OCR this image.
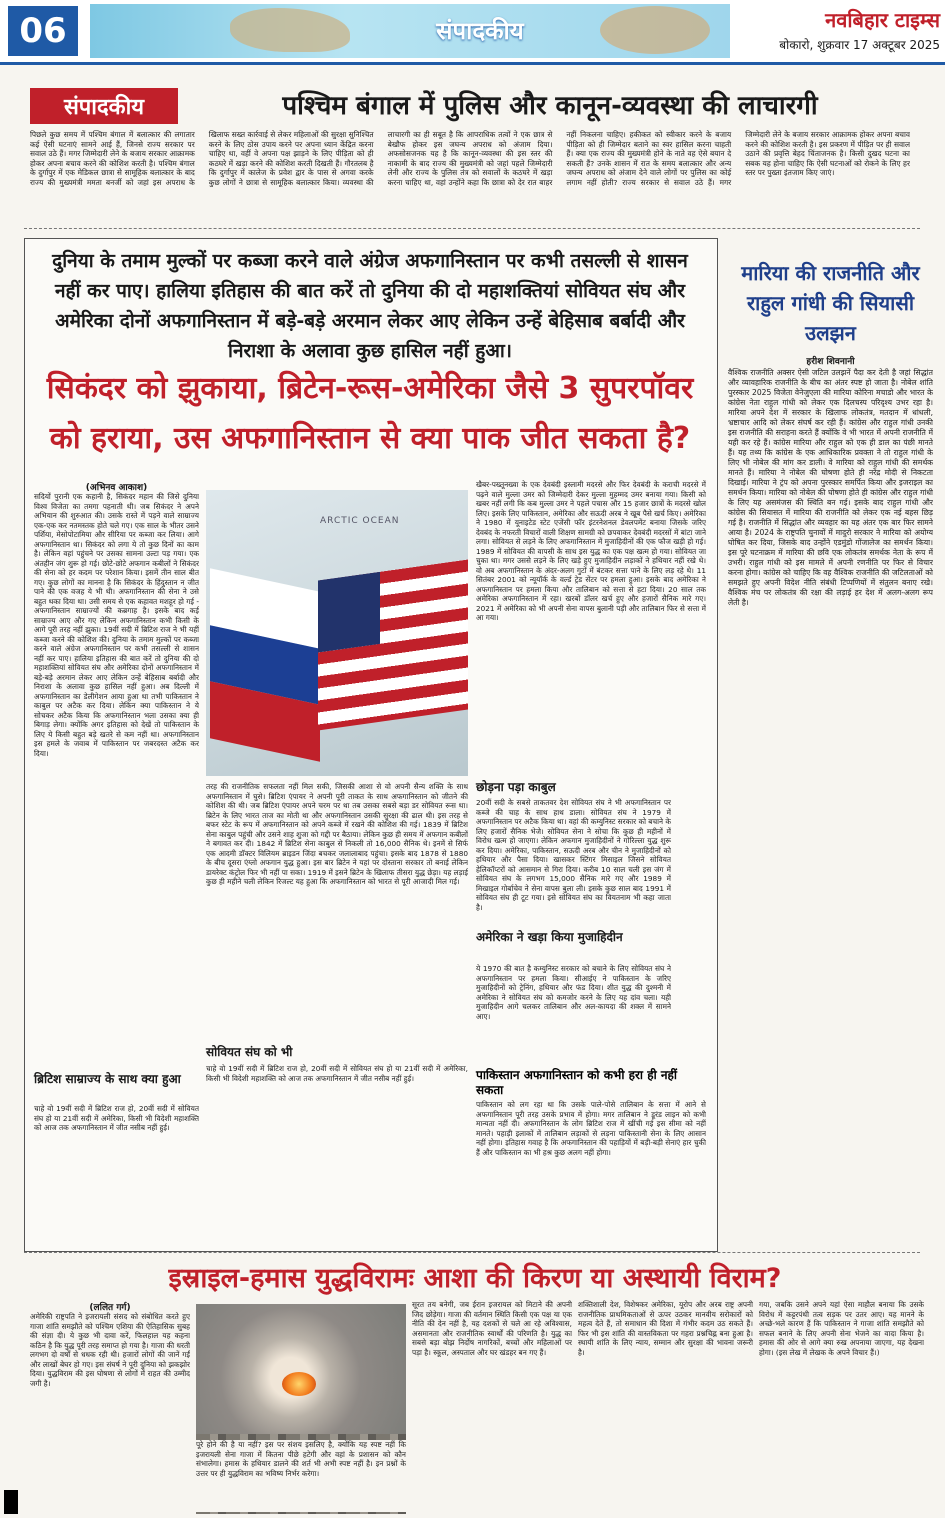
06	संपादकीय	नवबिहार टाइम्स
बोकारो, शुक्रवार 17 अक्टूबर 2025
संपादकीय	पश्चिम बंगाल में पुलिस और कानून-व्यवस्था की लाचारगी
पिछले कुछ समय में पश्चिम बंगाल में बलात्कार की लगातार कई ऐसी घटनाएं सामने आई हैं, जिनसे राज्य सरकार पर सवाल उठे हैं। मगर जिम्मेदारी लेने के बजाय सरकार आक्रामक होकर अपना बचाव करने की कोशिश करती है। पश्चिम बंगाल के दुर्गापुर में एक मेडिकल छात्रा से सामूहिक बलात्कार के बाद राज्य की मुख्यमंत्री ममता बनर्जी को जहां इस अपराध के खिलाफ सख्त कार्रवाई से लेकर महिलाओं की सुरक्षा सुनिश्चित करने के लिए ठोस उपाय करने पर अपना ध्यान केंद्रित करना चाहिए था, वहीं वे अपना पक्ष झाड़ने के लिए पीड़िता को ही कठघरे में खड़ा करने की कोशिश करती दिखती हैं। गौरतलब है कि दुर्गापुर में कालेज के प्रवेश द्वार के पास से अगवा करके कुछ लोगों ने छात्रा से सामूहिक बलात्कार किया। व्यवस्था की लाचारगी का ही सबूत है कि आपराधिक तत्वों ने एक छात्र से बेखौफ होकर इस जघन्य अपराध को अंजाम दिया। अफसोसजनक यह है कि कानून-व्यवस्था की इस स्तर की नाकामी के बाद राज्य की मुख्यमंत्री को जहां पहले जिम्मेदारी लेनी और राज्य के पुलिस तंत्र को सवालों के कठघरे में खड़ा करना चाहिए था, वहां उन्होंने कहा कि छात्रा को देर रात बाहर नहीं निकलना चाहिए। हकीकत को स्वीकार करने के बजाय पीड़िता को ही जिम्मेदार बताने का स्वर हासिल करना चाहती हैं। क्या एक राज्य की मुख्यमंत्री होने के नाते वह ऐसे बयान दे सकती हैं? उनके शासन में रात के समय बलात्कार और अन्य जघन्य अपराध को अंजाम देने वाले लोगों पर पुलिस का कोई लगाम नहीं होती? राज्य सरकार से सवाल उठे हैं। मगर जिम्मेदारी लेने के बजाय सरकार आक्रामक होकर अपना बचाव करने की कोशिश करती है। इस प्रकरण में पीड़ित पर ही सवाल उठाने की प्रवृत्ति बेहद चिंताजनक है। किसी दुखद घटना का सबक यह होना चाहिए कि ऐसी घटनाओं को रोकने के लिए हर स्तर पर पुख्ता इंतजाम किए जाएं।
दुनिया के तमाम मुल्कों पर कब्जा करने वाले अंग्रेज अफगानिस्तान पर कभी तसल्ली से शासन नहीं कर पाए। हालिया इतिहास की बात करें तो दुनिया की दो महाशक्तियां सोवियत संघ और अमेरिका दोनों अफगानिस्तान में बड़े-बड़े अरमान लेकर आए लेकिन उन्हें बेहिसाब बर्बादी और निराशा के अलावा कुछ हासिल नहीं हुआ।
सिकंदर को झुकाया, ब्रिटेन-रूस-अमेरिका जैसे 3 सुपरपॉवर को हराया, उस अफगानिस्तान से क्या पाक जीत सकता है?
(अभिनव आकाश)
सदियों पुरानी एक कहानी है, सिकंदर महान की जिसे दुनिया विश्व विजेता का तमगा पहनाती थी। जब सिकंदर ने अपने अभियान की शुरुआत की। उसके रास्ते में पड़ने वाले साम्राज्य एक-एक कर नतमस्तक होते चले गए। एक साल के भीतर उसने पर्शिया, मेसोपोटामिया और सीरिया पर कब्जा कर लिया। आगे अफगानिस्तान था। सिकंदर को लगा ये तो कुछ दिनों का काम है। लेकिन वहां पहुंचने पर उसका सामना उल्टा पड़ गया। एक अंतहीन जंग शुरू हो गई। छोटे-छोटे अफगान कबीलों ने सिकंदर की सेना को हर कदम पर परेशान किया। इसमें तीन साल बीत गए। कुछ लोगों का मानना है कि सिकंदर के हिंदुस्तान न जीत पाने की एक वजह ये भी थी। अफगानिस्तान की सेना ने उसे बहुत थका दिया था। उसी समय से एक कहावत मशहूर हो गई - अफगानिस्तान साम्राज्यों की कब्रगाह है। इसके बाद कई साम्राज्य आए और गए लेकिन अफगानिस्तान कभी किसी के आगे पूरी तरह नहीं झुका। 19वीं सदी में ब्रिटिश राज ने भी यहीं कब्जा करने की कोशिश की। दुनिया के तमाम मुल्कों पर कब्जा करने वाले अंग्रेज अफगानिस्तान पर कभी तसल्ली से शासन नहीं कर पाए। हालिया इतिहास की बात करें तो दुनिया की दो महाशक्तियां सोवियत संघ और अमेरिका दोनों अफगानिस्तान में बड़े-बड़े अरमान लेकर आए लेकिन उन्हें बेहिसाब बर्बादी और निराशा के अलावा कुछ हासिल नहीं हुआ। अब दिल्ली में अफगानिस्तान का डेलीगेशन आया हुआ था तभी पाकिस्तान ने काबुल पर अटैक कर दिया। लेकिन क्या पाकिस्तान ने ये सोचकर अटैक किया कि अफगानिस्तान भला उसका क्या ही बिगाड़ लेगा। क्योंकि अगर इतिहास को देखें तो पाकिस्तान के लिए ये किसी बहुत बड़े खतरे से कम नहीं था। अफगानिस्तान इस हमले के जवाब में पाकिस्तान पर जबरदस्त अटैक कर दिया।
ब्रिटिश साम्राज्य के साथ क्या हुआ
चाहे वो 19वीं सदी में ब्रिटिश राज हो, 20वीं सदी में सोवियत संघ हो या 21वीं सदी में अमेरिका, किसी भी विदेशी महाशक्ति को आज तक अफगानिस्तान में जीत नसीब नहीं हुई।
ARCTIC OCEAN
तरह की राजनीतिक सफलता नहीं मिल सकी, जिसकी आशा से वो अपनी सैन्य शक्ति के साथ अफगानिस्तान में घुसे। ब्रिटिश एंपायर ने अपनी पूरी ताकत के साथ अफगानिस्तान को जीतने की कोशिश की थी। जब ब्रिटिश एंपायर अपने चरम पर था तब उसका सबसे बड़ा डर सोवियत रूस था। ब्रिटेन के लिए भारत ताज का मोती था और अफगानिस्तान उसकी सुरक्षा की ढाल थी। इस तरह से बफर स्टेट के रूप में अफगानिस्तान को अपने कब्जे में रखने की कोशिश की गई। 1839 में ब्रिटिश सेना काबुल पहुंची और उसने शाह शुजा को गद्दी पर बैठाया। लेकिन कुछ ही समय में अफगान कबीलों ने बगावत कर दी। 1842 में ब्रिटिश सेना काबुल से निकली तो 16,000 सैनिक थे। इनमें से सिर्फ एक आदमी डॉक्टर विलियम ब्राइडन जिंदा बचकर जलालाबाद पहुंचा। इसके बाद 1878 से 1880 के बीच दूसरा एंग्लो अफगान युद्ध हुआ। इस बार ब्रिटेन ने यहां पर दोस्ताना सरकार तो बनाई लेकिन डायरेक्ट कंट्रोल फिर भी नहीं पा सका। 1919 में इसने ब्रिटेन के खिलाफ तीसरा युद्ध छेड़ा। यह लड़ाई कुछ ही महीने चली लेकिन रिजल्ट यह हुआ कि अफगानिस्तान को भारत से पूरी आजादी मिल गई।
सोवियत संघ को भी
छोड़ना पड़ा काबुल
20वीं सदी के सबसे ताकतवर देश सोवियत संघ ने भी अफगानिस्तान पर कब्जे की चाह के साथ हाथ डाला। सोवियत संघ ने 1979 में अफगानिस्तान पर अटैक किया था। वहां की कम्युनिस्ट सरकार को बचाने के लिए हजारों सैनिक भेजे। सोवियत सेना ने सोचा कि कुछ ही महीनों में विरोध खत्म हो जाएगा। लेकिन अफगान मुजाहिदीनों ने गोरिल्ला युद्ध शुरू कर दिया। अमेरिका, पाकिस्तान, सऊदी अरब और चीन ने मुजाहिदीनों को हथियार और पैसा दिया। खासकर स्टिंगर मिसाइल जिसने सोवियत हेलिकॉप्टरों को आसमान से गिरा दिया। करीब 10 साल चली इस जंग में सोवियत संघ के लगभग 15,000 सैनिक मारे गए और 1989 में मिखाइल गोर्बाचेव ने सेना वापस बुला ली। इसके कुछ साल बाद 1991 में सोवियत संघ ही टूट गया। इसे सोवियत संघ का वियतनाम भी कहा जाता है।
अमेरिका ने खड़ा किया मुजाहिदीन
ये 1970 की बात है कम्युनिस्ट सरकार को बचाने के लिए सोवियत संघ ने अफगानिस्तान पर हमला किया। सीआईए ने पाकिस्तान के जरिए मुजाहिदीनों को ट्रेनिंग, हथियार और फंड दिया। शीत युद्ध की दुश्मनी में अमेरिका ने सोवियत संघ को कमजोर करने के लिए यह दांव चला। यही मुजाहिदीन आगे चलकर तालिबान और अल-कायदा की शक्ल में सामने आए।
खैबर-पख्तूनख्वा के एक देवबंदी इस्लामी मदरसे और फिर देवबंदी के कराची मदरसे में पढ़ने वाले मुल्ला उमर को जिम्मेदारी देकर मुल्ला मुहम्मद उमर बनाया गया। किसी को खबर नहीं लगी कि कब मुल्ला उमर ने पहले पचास और 15 हजार छात्रों के मदरसे खोल लिए। इसके लिए पाकिस्तान, अमेरिका और सऊदी अरब ने खूब पैसे खर्च किए। अमेरिका ने 1980 में यूनाइटेड स्टेट एजेंसी फॉर इंटरनेशनल डेवलपमेंट बनाया जिसके जरिए देवबंद के नफरती विचारों वाली शिक्षण सामग्री को छपवाकर देवबंदी मदरसों में बांटा जाने लगा। सोवियत से लड़ने के लिए अफगानिस्तान में मुजाहिदीनों की एक फौज खड़ी हो गई। 1989 में सोवियत की वापसी के साथ इस युद्ध का एक पक्ष खत्म हो गया। सोवियत जा चुका था। मगर उससे लड़ने के लिए खड़े हुए मुजाहिदीन लड़ाकों ने हथियार नहीं रखे थे। वो अब अफगानिस्तान के अंदर-अलग गुटों में बंटकर सत्ता पाने के लिए लड़ रहे थे। 11 सितंबर 2001 को न्यूयॉर्क के वर्ल्ड ट्रेड सेंटर पर हमला हुआ। इसके बाद अमेरिका ने अफगानिस्तान पर हमला किया और तालिबान को सत्ता से हटा दिया। 20 साल तक अमेरिका अफगानिस्तान में रहा। खरबों डॉलर खर्च हुए और हजारों सैनिक मारे गए। 2021 में अमेरिका को भी अपनी सेना वापस बुलानी पड़ी और तालिबान फिर से सत्ता में आ गया।
पाकिस्तान अफगानिस्तान को कभी हरा ही नहीं सकता
पाकिस्तान को लग रहा था कि उसके पाले-पोसे तालिबान के सत्ता में आने से अफगानिस्तान पूरी तरह उसके प्रभाव में होगा। मगर तालिबान ने डूरंड लाइन को कभी मान्यता नहीं दी। अफगानिस्तान के लोग ब्रिटिश राज में खींची गई इस सीमा को नहीं मानते। पहाड़ी इलाकों में तालिबान लड़ाकों से लड़ना पाकिस्तानी सेना के लिए आसान नहीं होगा। इतिहास गवाह है कि अफगानिस्तान की पहाड़ियों में बड़ी-बड़ी सेनाएं हार चुकी हैं और पाकिस्तान का भी हश्र कुछ अलग नहीं होगा।
चाहे वो 19वीं सदी में ब्रिटिश राज हो, 20वीं सदी में सोवियत संघ हो या 21वीं सदी में अमेरिका, किसी भी विदेशी महाशक्ति को आज तक अफगानिस्तान में जीत नसीब नहीं हुई।
मारिया की राजनीति और राहुल गांधी की सियासी उलझन
हरीश शिवनानी
वैश्विक राजनीति अक्सर ऐसी जटिल उलझनें पैदा कर देती है जहां सिद्धांत और व्यावहारिक राजनीति के बीच का अंतर स्पष्ट हो जाता है। नोबेल शांति पुरस्कार 2025 विजेता वेनेजुएला की मारिया कोरिना मचाडो और भारत के कांग्रेस नेता राहुल गांधी को लेकर एक दिलचस्प परिदृश्य उभर रहा है। मारिया अपने देश में सरकार के खिलाफ लोकतंत्र, मतदान में धांधली, भ्रष्टाचार आदि को लेकर संघर्ष कर रही हैं। कांग्रेस और राहुल गांधी उनकी इस राजनीति की सराहना करते हैं क्योंकि वे भी भारत में अपनी राजनीति में यही कर रहे हैं। कांग्रेस मारिया और राहुल को एक ही डाल का पंछी मानते हैं। यह तथ्य कि कांग्रेस के एक आधिकारिक प्रवक्ता ने तो राहुल गांधी के लिए भी नोबेल की मांग कर डाली। वे मारिया को राहुल गांधी की समर्थक मानते हैं। मारिया ने नोबेल की घोषणा होते ही नरेंद्र मोदी से निकटता दिखाई। मारिया ने ट्रंप को अपना पुरस्कार समर्पित किया और इजराइल का समर्थन किया। मारिया को नोबेल की घोषणा होते ही कांग्रेस और राहुल गांधी के लिए यह असमंजस की स्थिति बन गई। इसके बाद राहुल गांधी और कांग्रेस की सियासत में मारिया की राजनीति को लेकर एक नई बहस छिड़ गई है। राजनीति में सिद्धांत और व्यवहार का यह अंतर एक बार फिर सामने आया है। 2024 के राष्ट्रपति चुनावों में मादुरो सरकार ने मारिया को अयोग्य घोषित कर दिया, जिसके बाद उन्होंने एडमुंडो गोंजालेज का समर्थन किया। इस पूरे घटनाक्रम में मारिया की छवि एक लोकतंत्र समर्थक नेता के रूप में उभरी। राहुल गांधी को इस मामले में अपनी रणनीति पर फिर से विचार करना होगा। कांग्रेस को चाहिए कि वह वैश्विक राजनीति की जटिलताओं को समझते हुए अपनी विदेश नीति संबंधी टिप्पणियों में संतुलन बनाए रखे। वैश्विक मंच पर लोकतंत्र की रक्षा की लड़ाई हर देश में अलग-अलग रूप लेती है।
इस्राइल-हमास युद्धविरामः आशा की किरण या अस्थायी विराम?
(ललित गर्ग)
अमेरिकी राष्ट्रपति ने इजरायली संसद को संबोधित करते हुए गाजा शांति समझौते को पश्चिम एशिया की ऐतिहासिक सुबह की संज्ञा दी। ये कुछ भी दावा करें, फिलहाल यह कहना कठिन है कि युद्ध पूरी तरह समाप्त हो गया है। गाजा की धरती लगभग दो वर्षों से धधक रही थी। हजारों लोगों की जानें गईं और लाखों बेघर हो गए। इस संघर्ष ने पूरी दुनिया को झकझोर दिया। युद्धविराम की इस घोषणा से लोगों में राहत की उम्मीद जगी है।
सूरत तय बनेगी, जब ईरान इजरायल को मिटाने की अपनी जिद छोड़ेगा। गाजा की वर्तमान स्थिति किसी एक पक्ष या एक नीति की देन नहीं है, यह दशकों से चले आ रहे अविश्वास, असमानता और राजनीतिक स्वार्थों की परिणति है। युद्ध का सबसे बड़ा बोझ निर्दोष नागरिकों, बच्चों और महिलाओं पर पड़ा है। स्कूल, अस्पताल और घर खंडहर बन गए हैं।
शक्तिशाली देश, विशेषकर अमेरिका, यूरोप और अरब राष्ट्र अपनी राजनीतिक प्राथमिकताओं से ऊपर उठकर मानवीय सरोकारों को महत्व देते हैं, तो समाधान की दिशा में गंभीर कदम उठ सकते हैं। फिर भी इस शांति की वास्तविकता पर गहरा प्रश्नचिह्न बना हुआ है। स्थायी शांति के लिए न्याय, सम्मान और सुरक्षा की भावना जरूरी है।
गया, जबकि उसने अपने यहां ऐसा माहौल बनाया कि उसके विरोध में कट्टरपंथी तत्व सड़क पर उतर आए। यह मानने के अच्छे-भले कारण हैं कि पाकिस्तान ने गाजा शांति समझौते को सफल बनाने के लिए अपनी सेना भेजने का वादा किया है। हमास की ओर से आगे क्या रुख अपनाया जाएगा, यह देखना होगा। (इस लेख में लेखक के अपने विचार हैं।)
पूरे होने की है या नहीं? इस पर संशय इसलिए है, क्योंकि यह स्पष्ट नहीं कि इजरायली सेना गाजा में कितना पीछे हटेगी और वहां के प्रशासन को कौन संभालेगा। हमास के हथियार डालने की शर्त भी अभी स्पष्ट नहीं है। इन प्रश्नों के उत्तर पर ही युद्धविराम का भविष्य निर्भर करेगा।
